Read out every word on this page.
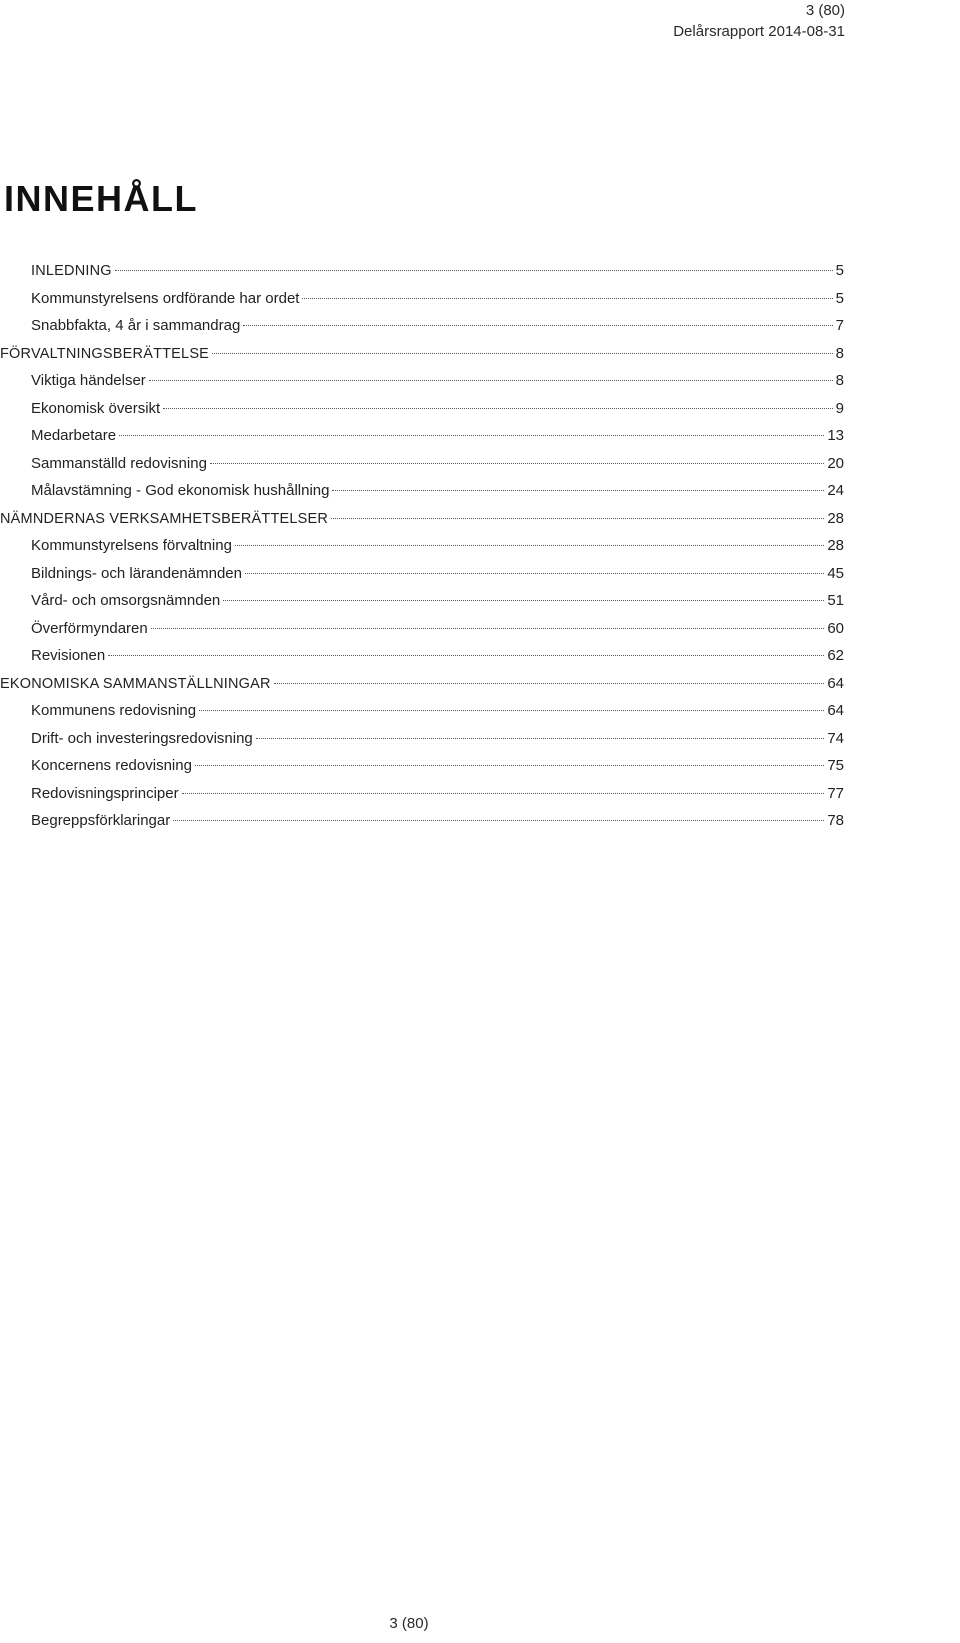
3 (80)
Delårsrapport 2014-08-31
INNEHÅLL
INLEDNING	5
Kommunstyrelsens ordförande har ordet	5
Snabbfakta, 4 år i sammandrag	7
FÖRVALTNINGSBERÄTTELSE	8
Viktiga händelser	8
Ekonomisk översikt	9
Medarbetare	13
Sammanställd redovisning	20
Målavstämning - God ekonomisk hushållning	24
NÄMNDERNAS VERKSAMHETSBERÄTTELSER	28
Kommunstyrelsens förvaltning	28
Bildnings- och lärandenämnden	45
Vård- och omsorgsnämnden	51
Överförmyndaren	60
Revisionen	62
EKONOMISKA SAMMANSTÄLLNINGAR	64
Kommunens redovisning	64
Drift- och investeringsredovisning	74
Koncernens redovisning	75
Redovisningsprinciper	77
Begreppsförklaringar	78
3 (80)
